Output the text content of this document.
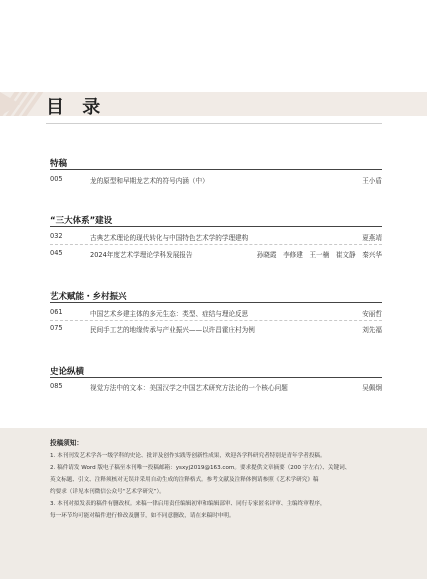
目 录
特稿
005	龙的原型和早期龙艺术的符号内涵（中）	王小盾
“三大体系”建设
032	古典艺术理论的现代转化与中国特色艺术学的学理建构	夏燕靖
045	2024年度艺术学理论学科发展报告	孙晓霞　李修建　王一楠　崔文静　秦兴华
艺术赋能・乡村振兴
061	中国艺术乡建主体的多元生态：类型、症结与理论反思	安丽哲
075	民间手工艺的地缘传承与产业振兴——以许昌霍庄村为例	刘先福
史论纵横
085	视觉方法中的文本：美国汉学之中国艺术研究方法论的一个核心问题	吴佩炯
投稿须知：
1. 本刊刊发艺术学各一级学科的史论、批评及创作实践等创新性成果，欢迎各学科研究者特别是青年学者投稿。
2. 稿件请发 Word 版电子稿至本刊唯一投稿邮箱：ysxyj2019@163.com。要求提供文章摘要（200 字左右）、关键词、
英文标题、引文、注释须核对无误并采用自动生成的注释格式。参考文献及注释体例请参照《艺术学研究》稿
约要求（详见本刊微信公众号“艺术学研究”）。
3. 本刊对拟发表的稿件有删改权。来稿一律启用责任编辑初审和编辑部审、同行专家匿名评审、主编终审程序，
每一环节均可能对稿件进行修改及删节，如不同意删改，请在来稿时申明。
